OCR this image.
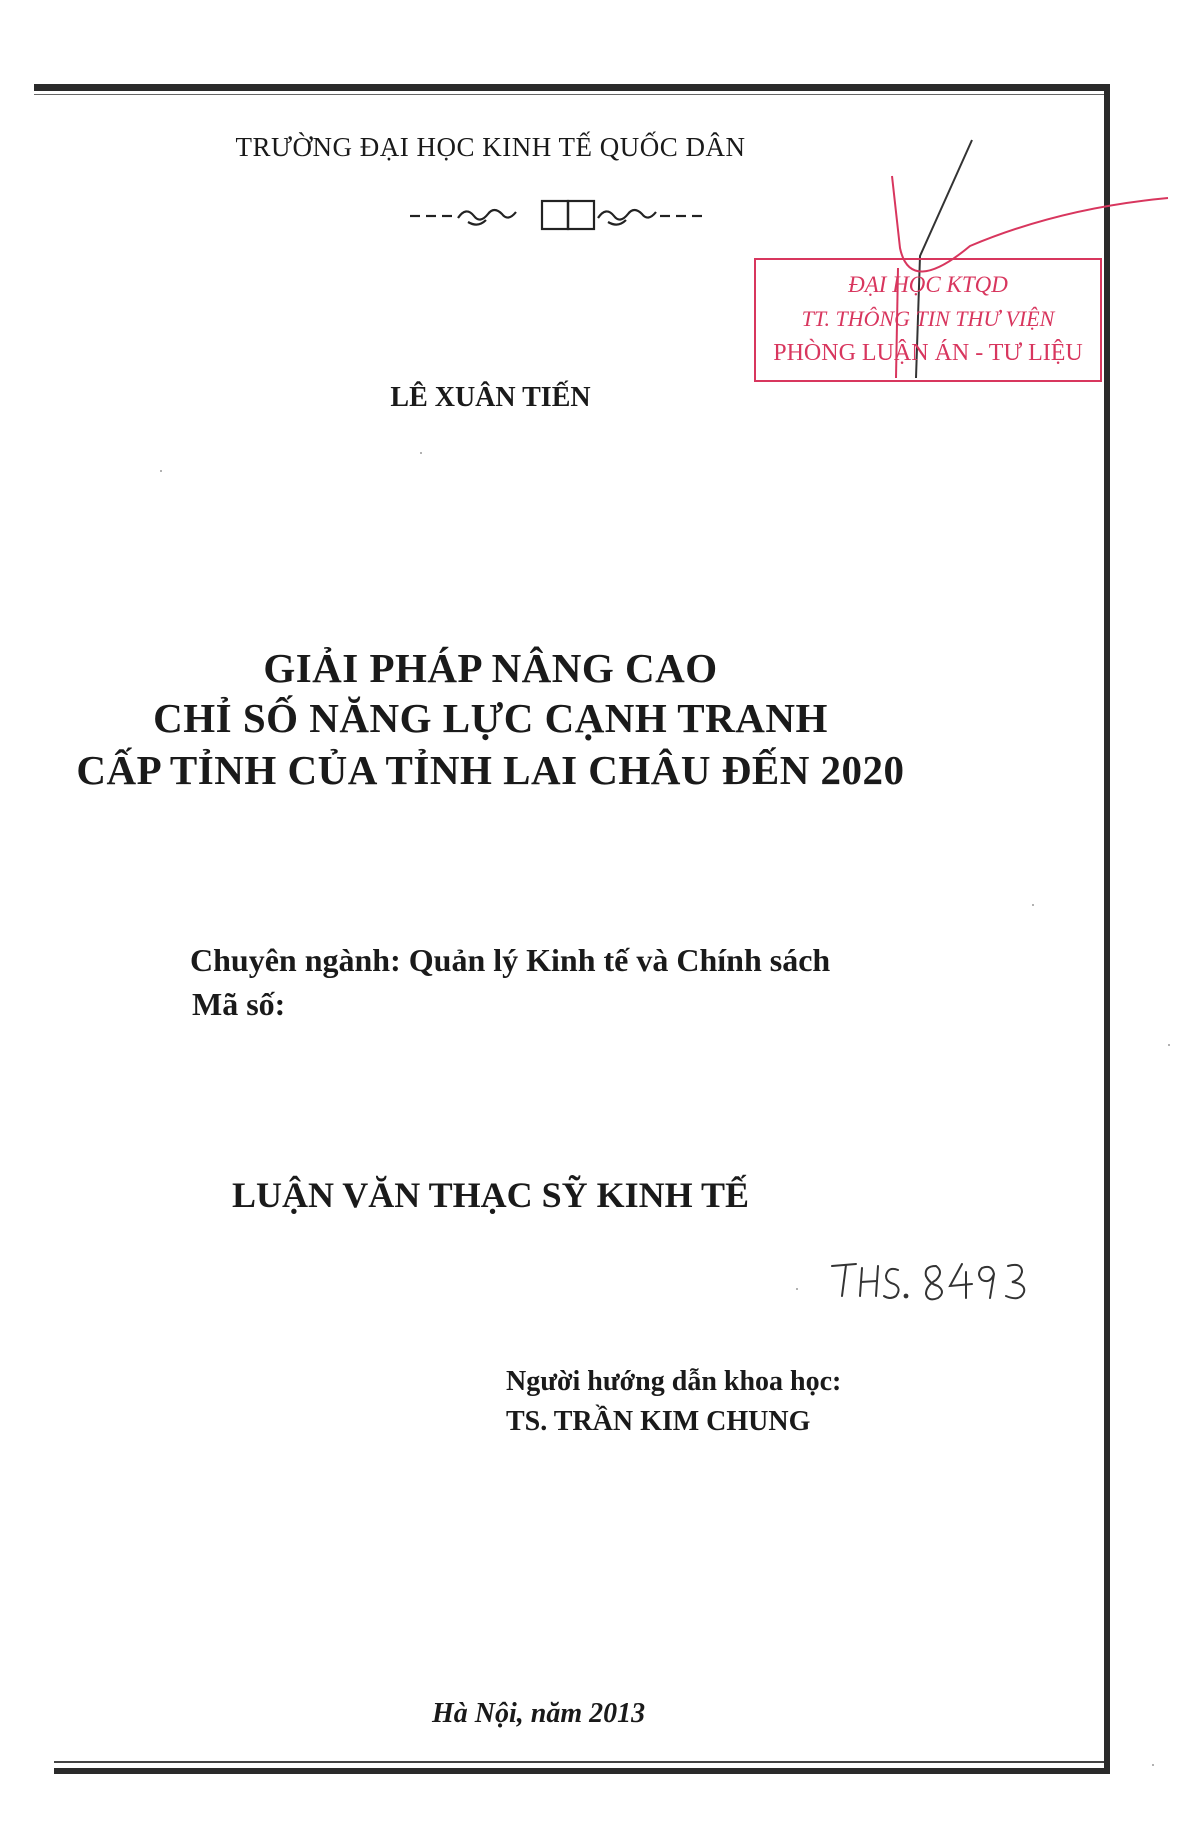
TRƯỜNG ĐẠI HỌC KINH TẾ QUỐC DÂN
ĐẠI HỌC KTQD
TT. THÔNG TIN THƯ VIỆN
PHÒNG LUẬN ÁN - TƯ LIỆU
LÊ XUÂN TIẾN
GIẢI PHÁP NÂNG CAO
CHỈ SỐ NĂNG LỰC CẠNH TRANH
CẤP TỈNH CỦA TỈNH LAI CHÂU ĐẾN 2020
Chuyên ngành: Quản lý Kinh tế và Chính sách
Mã số:
LUẬN VĂN THẠC SỸ KINH TẾ
Người hướng dẫn khoa học:
TS. TRẦN KIM CHUNG
Hà Nội, năm 2013
